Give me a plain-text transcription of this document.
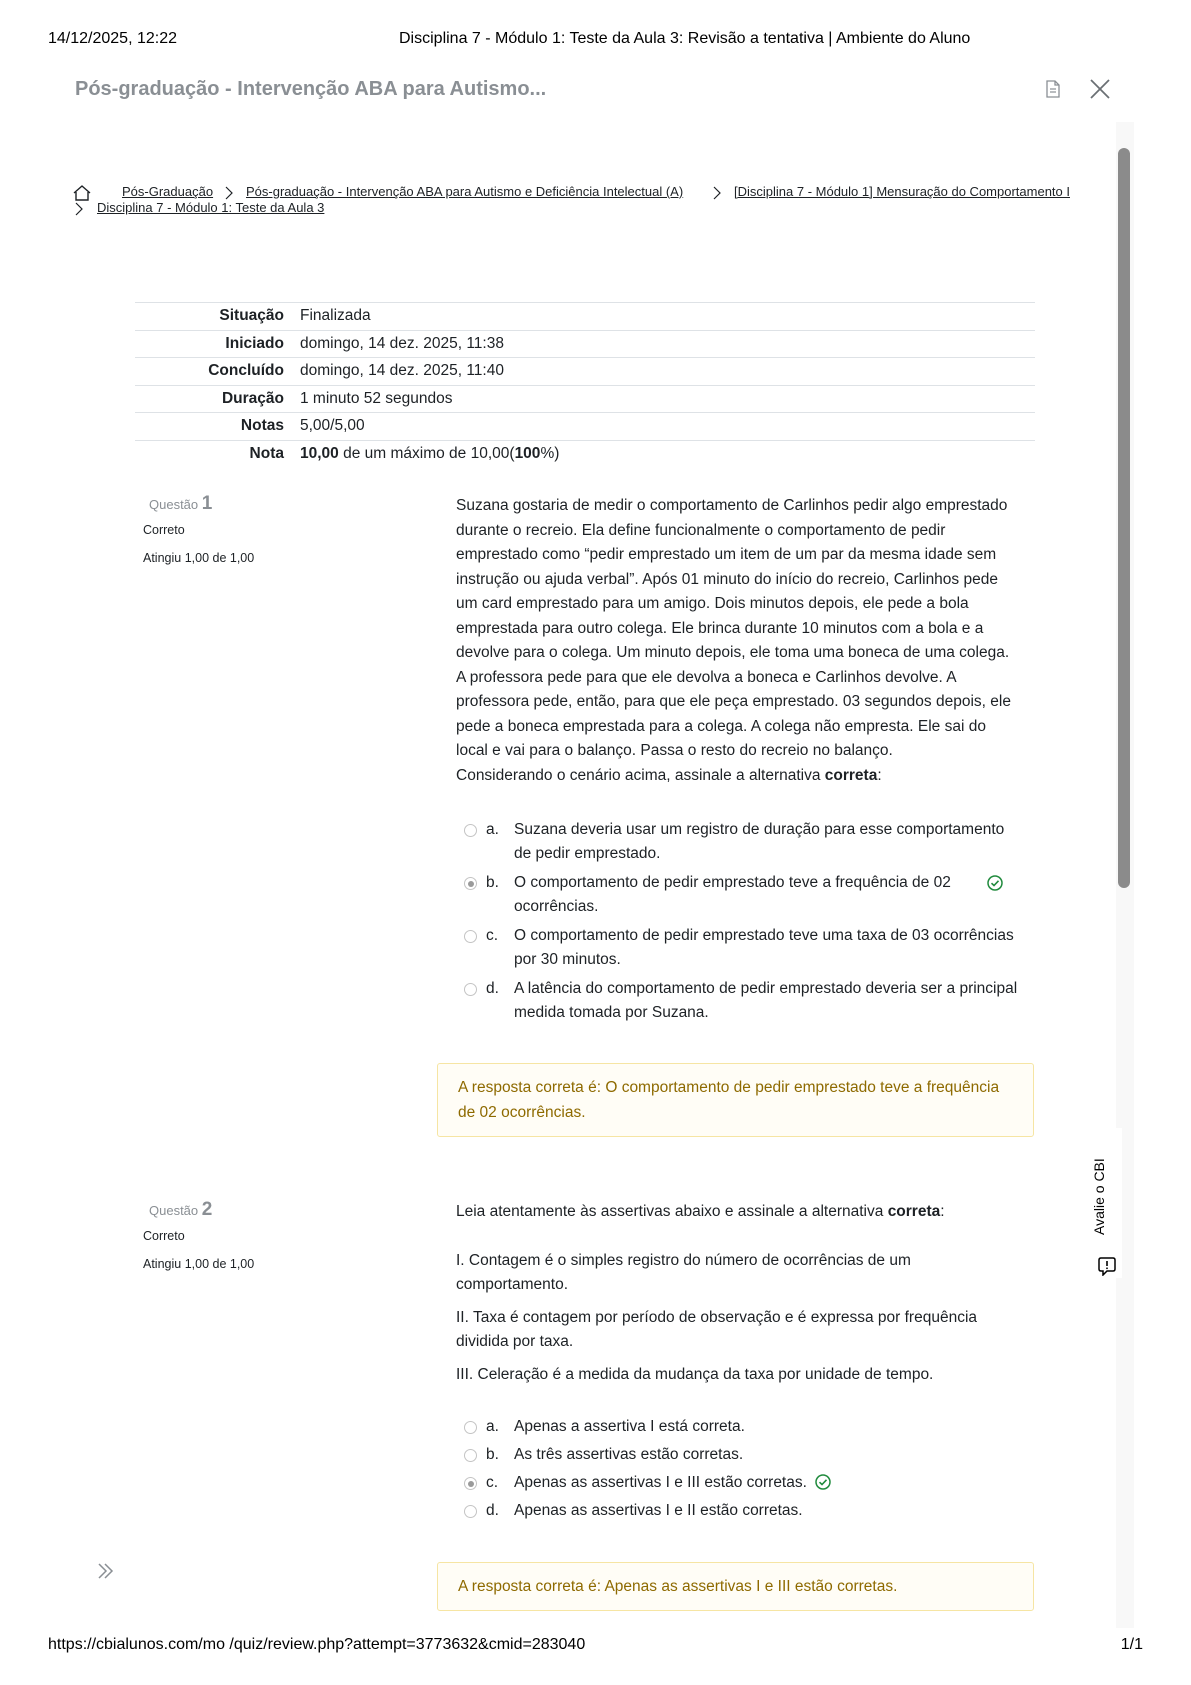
14/12/2025, 12:22	Disciplina 7 - Módulo 1: Teste da Aula 3: Revisão a tentativa | Ambiente do Aluno
Pós-graduação - Intervenção ABA para Autismo...
Pós-Graduação	Pós-graduação - Intervenção ABA para Autismo e Deficiência Intelectual (A)	[Disciplina 7 - Módulo 1] Mensuração do Comportamento I
Disciplina 7 - Módulo 1: Teste da Aula 3
Situação	Finalizada
Iniciado	domingo, 14 dez. 2025, 11:38
Concluído	domingo, 14 dez. 2025, 11:40
Duração	1 minuto 52 segundos
Notas	5,00/5,00
Nota	10,00 de um máximo de 10,00(100%)
Questão 1
Correto
Atingiu 1,00 de 1,00

Suzana gostaria de medir o comportamento de Carlinhos pedir algo emprestado durante o recreio. Ela define funcionalmente o comportamento de pedir emprestado como “pedir emprestado um item de um par da mesma idade sem instrução ou ajuda verbal”. Após 01 minuto do início do recreio, Carlinhos pede um card emprestado para um amigo. Dois minutos depois, ele pede a bola emprestada para outro colega. Ele brinca durante 10 minutos com a bola e a devolve para o colega. Um minuto depois, ele toma uma boneca de uma colega. A professora pede para que ele devolva a boneca e Carlinhos devolve. A professora pede, então, para que ele peça emprestado. 03 segundos depois, ele pede a boneca emprestada para a colega. A colega não empresta. Ele sai do local e vai para o balanço. Passa o resto do recreio no balanço.

Considerando o cenário acima, assinale a alternativa correta:

a. Suzana deveria usar um registro de duração para esse comportamento de pedir emprestado.
b. O comportamento de pedir emprestado teve a frequência de 02 ocorrências.
c. O comportamento de pedir emprestado teve uma taxa de 03 ocorrências por 30 minutos.
d. A latência do comportamento de pedir emprestado deveria ser a principal medida tomada por Suzana.
A resposta correta é: O comportamento de pedir emprestado teve a frequência de 02 ocorrências.
Questão 2
Correto
Atingiu 1,00 de 1,00

Leia atentamente às assertivas abaixo e assinale a alternativa correta:

I. Contagem é o simples registro do número de ocorrências de um comportamento.

II. Taxa é contagem por período de observação e é expressa por frequência dividida por taxa.

III. Celeração é a medida da mudança da taxa por unidade de tempo.

a. Apenas a assertiva I está correta.
b. As três assertivas estão corretas.
c. Apenas as assertivas I e III estão corretas.
d. Apenas as assertivas I e II estão corretas.
A resposta correta é: Apenas as assertivas I e III estão corretas.
Avalie o CBI
https://cbialunos.com/mo /quiz/review.php?attempt=3773632&cmid=283040	1/1
